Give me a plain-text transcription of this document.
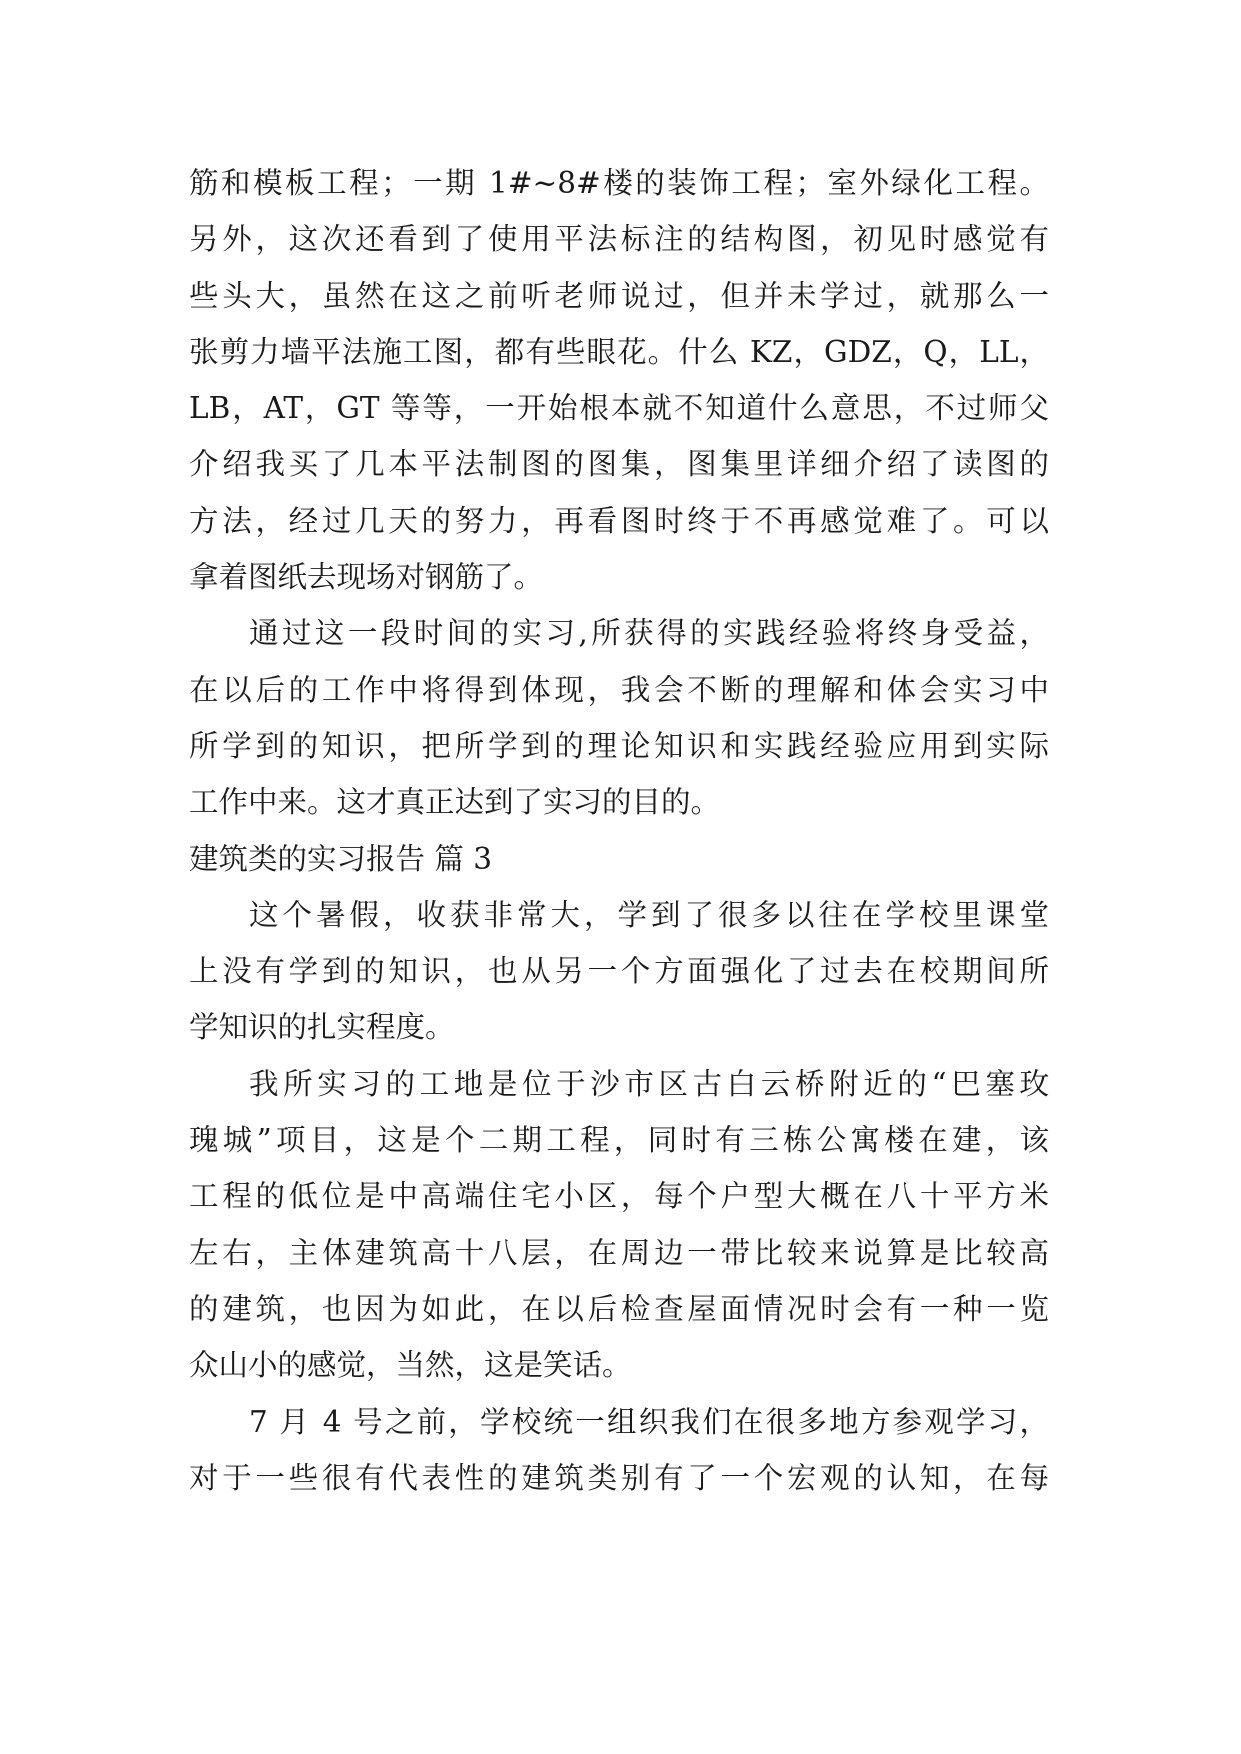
筋和模板工程；一期 1#~8#楼的装饰工程；室外绿化工程。
另外，这次还看到了使用平法标注的结构图，初见时感觉有
些头大，虽然在这之前听老师说过，但并未学过，就那么一
张剪力墙平法施工图，都有些眼花。什么 KZ，GDZ，Q，LL，
LB，AT，GT 等等，一开始根本就不知道什么意思，不过师父
介绍我买了几本平法制图的图集，图集里详细介绍了读图的
方法，经过几天的努力，再看图时终于不再感觉难了。可以
拿着图纸去现场对钢筋了。
通过这一段时间的实习,所获得的实践经验将终身受益，
在以后的工作中将得到体现，我会不断的理解和体会实习中
所学到的知识，把所学到的理论知识和实践经验应用到实际
工作中来。这才真正达到了实习的目的。
建筑类的实习报告 篇 3
这个暑假，收获非常大，学到了很多以往在学校里课堂
上没有学到的知识，也从另一个方面强化了过去在校期间所
学知识的扎实程度。
我所实习的工地是位于沙市区古白云桥附近的“巴塞玫
瑰城”项目，这是个二期工程，同时有三栋公寓楼在建，该
工程的低位是中高端住宅小区，每个户型大概在八十平方米
左右，主体建筑高十八层，在周边一带比较来说算是比较高
的建筑，也因为如此，在以后检查屋面情况时会有一种一览
众山小的感觉，当然，这是笑话。
7 月 4 号之前，学校统一组织我们在很多地方参观学习，
对于一些很有代表性的建筑类别有了一个宏观的认知，在每
